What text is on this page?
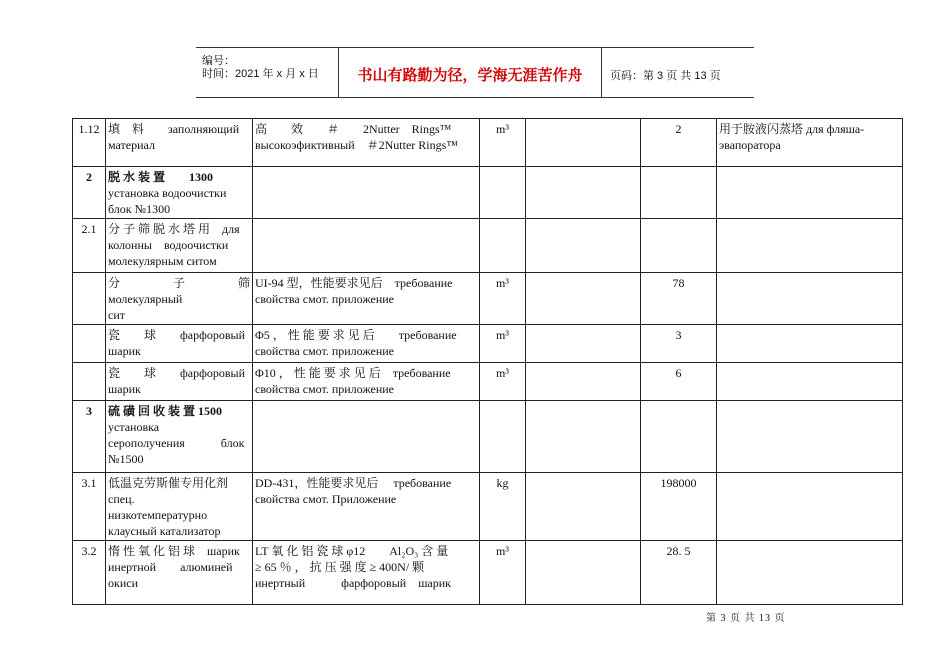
编号：
时间：2021 年 x 月 x 日	书山有路勤为径，学海无涯苦作舟	页码：第 3 页 共 13 页
1.12	填　料　　заполняющий
материал	高　　效　　＃　　2Nutter　Rings™
высокоэфиктивный　＃2Nutter Rings™	m³		2	用于胺液闪蒸塔 для фляша-
эвапоратора

2	脱 水 装 置　　1300
установка водоочистки
блок №1300					

2.1	分 子 筛 脱 水 塔 用　для
колонны　водоочистки
молекулярным ситом					

	分　子　筛　молекулярный
сит	UI-94 型，性能要求见后　требование
свойства смот. приложение	m³		78	

	瓷　　球　　фарфоровый
шарик	Φ5 ， 性 能 要 求 见 后　　требование
свойства смот. приложение	m³		3	

	瓷　　球　　фарфоровый
шарик	Φ10 ， 性 能 要 求 见 后　требование
свойства смот. приложение	m³		6	
3	硫 磺 回 收 装 置 1500
установка
серополучения　　　блок
№1500					

3.1	低温克劳斯催专用化剂
спец.
низкотемпературно
клаусный катализатор	DD-431，性能要求见后　 требование
свойства смот. Приложение	kg		198000	
3.2	惰 性 氧 化 铝 球　шарик
инертной　　алюминей
окиси	LT 氧 化 铝 瓷 球 φ12　　Al₂O₃ 含 量
≥ 65 ％ ， 抗 压 强 度 ≥ 400N/ 颗
инертный　　　фарфоровый　шарик	m³		28. 5	
第 3 页 共 13 页
